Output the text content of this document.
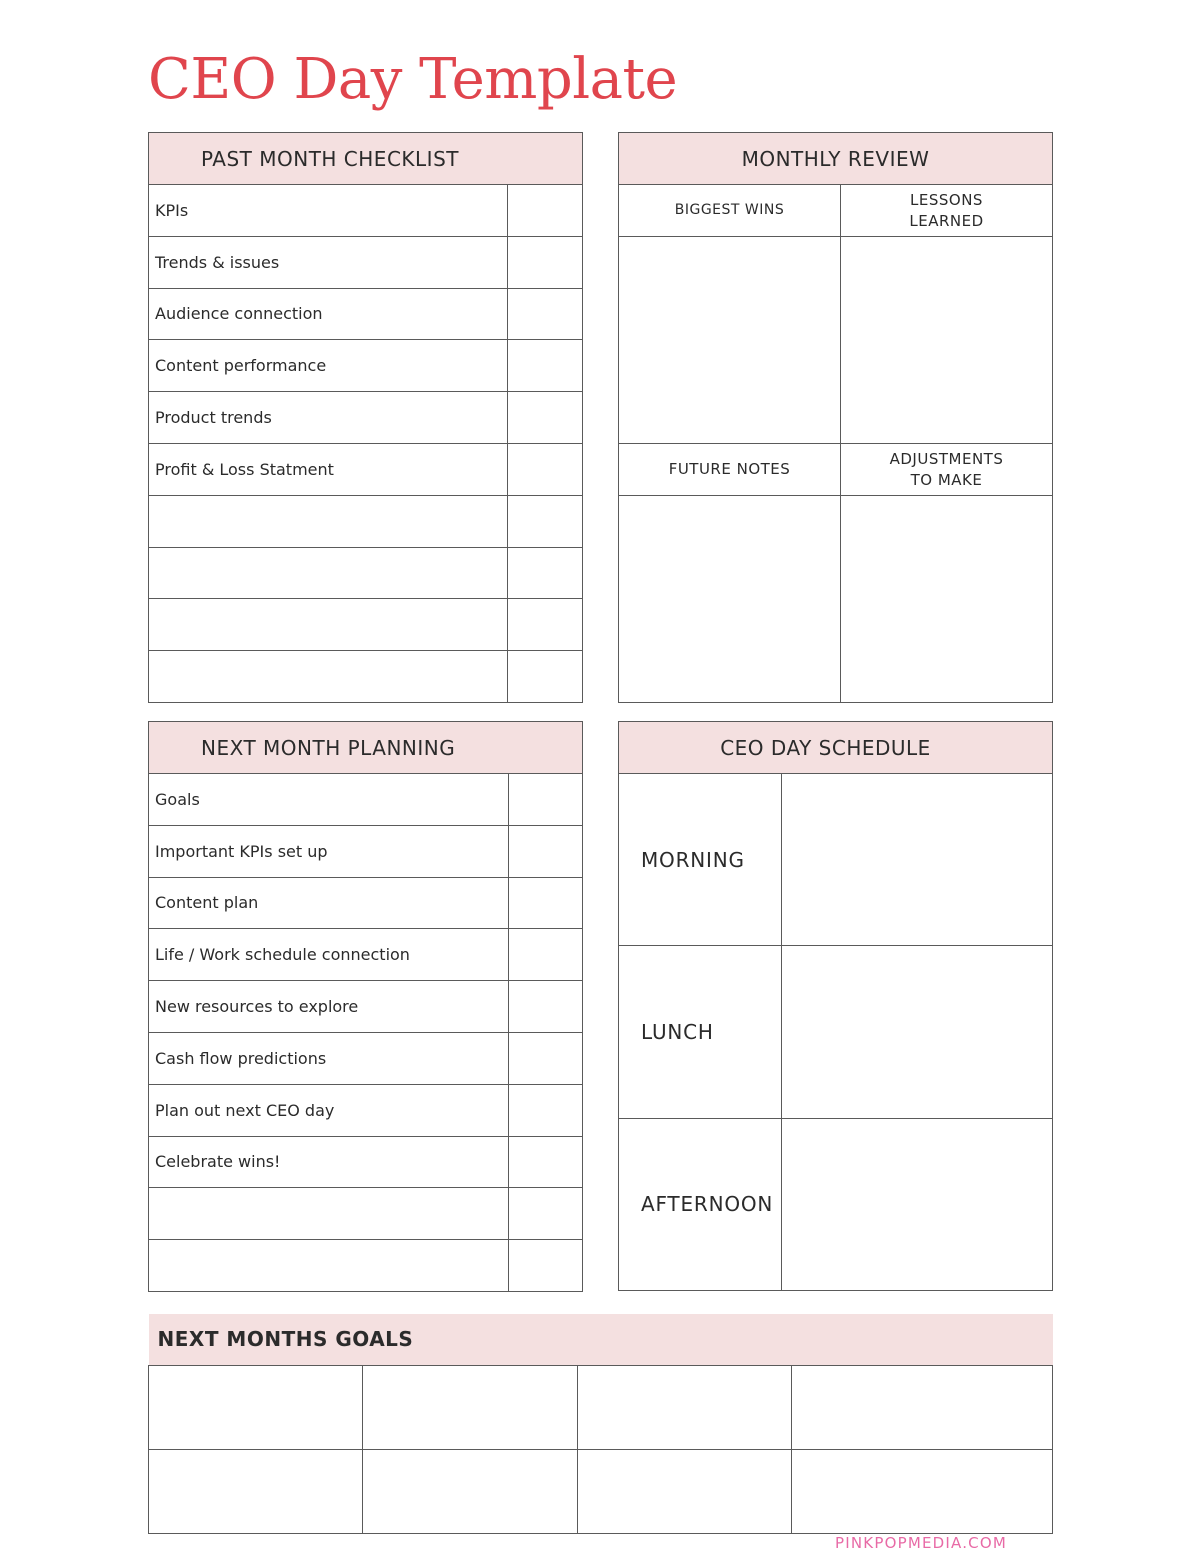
CEO Day Template
PAST MONTH CHECKLIST	
KPIs	
Trends & issues	
Audience connection	
Content performance	
Product trends	
Profit & Loss Statment	

MONTHLY REVIEW	
BIGGEST WINS	LESSONS LEARNED

FUTURE NOTES	ADJUSTMENTS TO MAKE

NEXT MONTH PLANNING	
Goals	
Important KPIs set up	
Content plan	
Life / Work schedule connection	
New resources to explore	
Cash flow predictions	
Plan out next CEO day	
Celebrate wins!	

CEO DAY SCHEDULE	
MORNING	
LUNCH	
AFTERNOON	
NEXT MONTHS GOALS			

PINKPOPMEDIA.COM
